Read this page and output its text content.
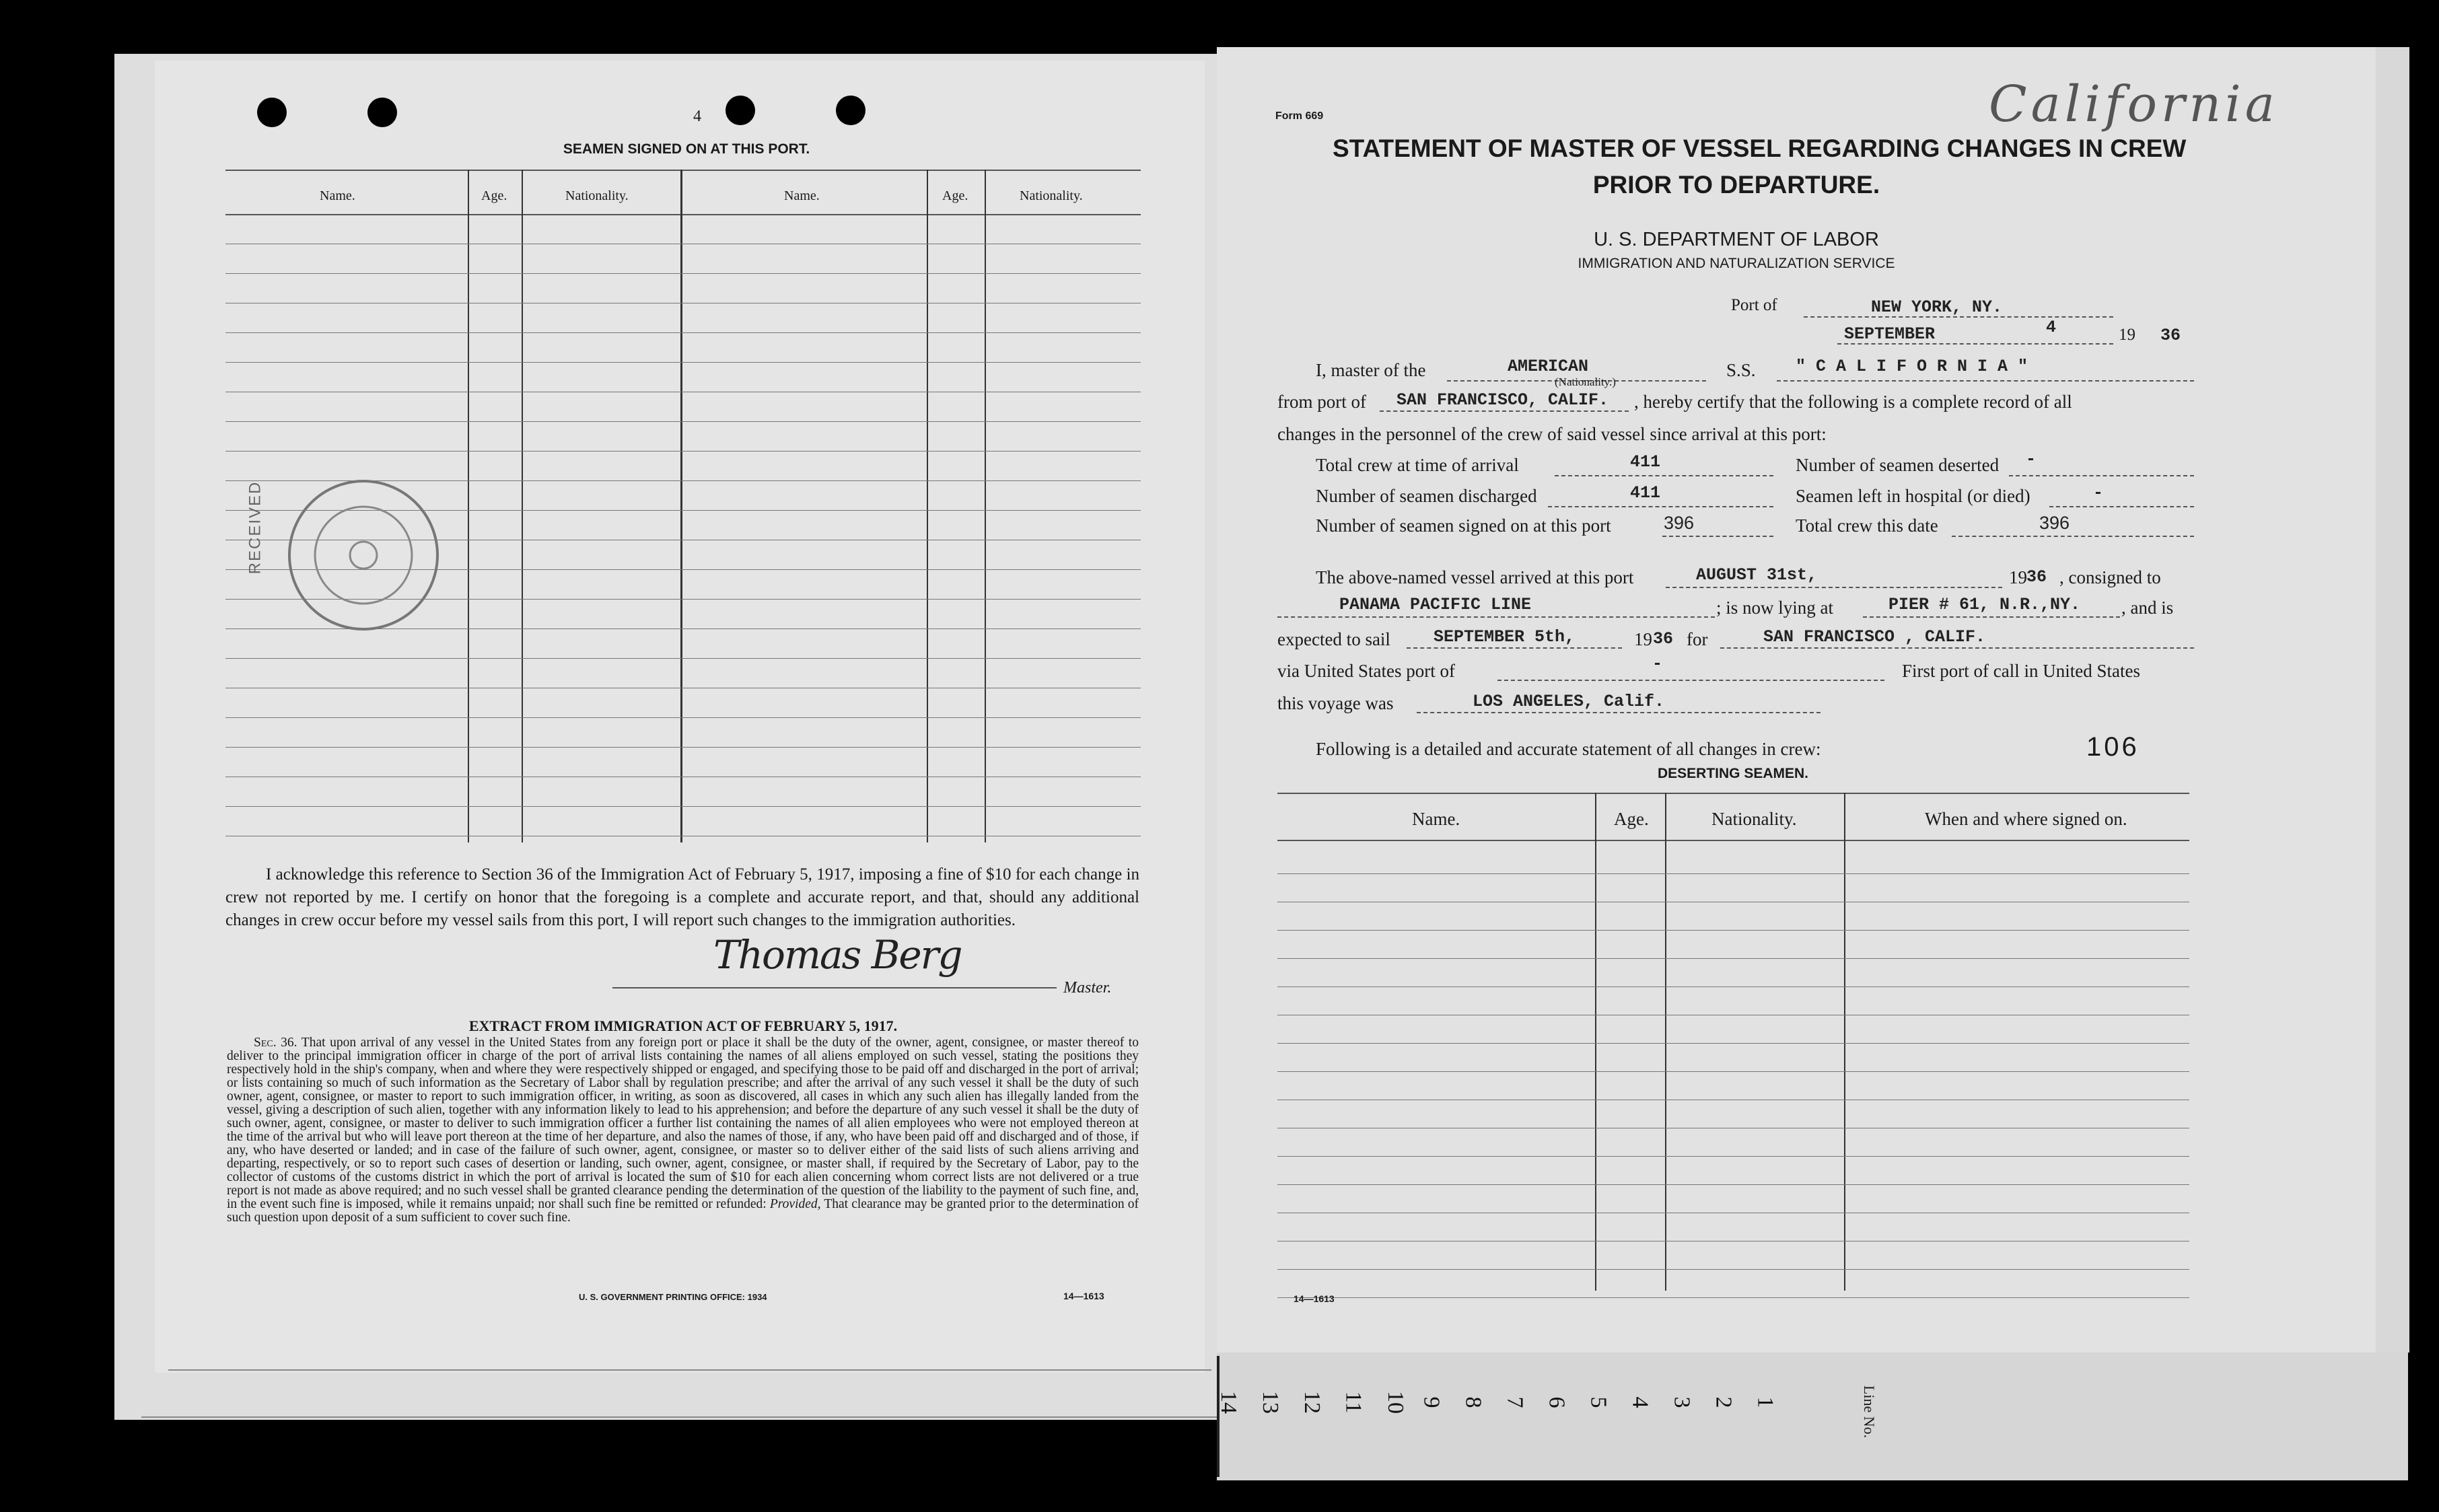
4
SEAMEN SIGNED ON AT THIS PORT.
Name.	Age.	Nationality.	Name.	Age.	Nationality.
RECEIVED
I acknowledge this reference to Section 36 of the Immigration Act of February 5, 1917, imposing a fine of $10 for each change in crew not reported by me. I certify on honor that the foregoing is a complete and accurate report, and that, should any additional changes in crew occur before my vessel sails from this port, I will report such changes to the immigration authorities.
Thomas Berg
Master.
EXTRACT FROM IMMIGRATION ACT OF FEBRUARY 5, 1917.
Sec. 36. That upon arrival of any vessel in the United States from any foreign port or place it shall be the duty of the owner, agent, consignee, or master thereof to deliver to the principal immigration officer in charge of the port of arrival lists containing the names of all aliens employed on such vessel, stating the positions they respectively hold in the ship's company, when and where they were respectively shipped or engaged, and specifying those to be paid off and discharged in the port of arrival; or lists containing so much of such information as the Secretary of Labor shall by regulation prescribe; and after the arrival of any such vessel it shall be the duty of such owner, agent, consignee, or master to report to such immigration officer, in writing, as soon as discovered, all cases in which any such alien has illegally landed from the vessel, giving a description of such alien, together with any information likely to lead to his apprehension; and before the departure of any such vessel it shall be the duty of such owner, agent, consignee, or master to deliver to such immigration officer a further list containing the names of all alien employees who were not employed thereon at the time of the arrival but who will leave port thereon at the time of her departure, and also the names of those, if any, who have been paid off and discharged and of those, if any, who have deserted or landed; and in case of the failure of such owner, agent, consignee, or master so to deliver either of the said lists of such aliens arriving and departing, respectively, or so to report such cases of desertion or landing, such owner, agent, consignee, or master shall, if required by the Secretary of Labor, pay to the collector of customs of the customs district in which the port of arrival is located the sum of $10 for each alien concerning whom correct lists are not delivered or a true report is not made as above required; and no such vessel shall be granted clearance pending the determination of the question of the liability to the payment of such fine, and, in the event such fine is imposed, while it remains unpaid; nor shall such fine be remitted or refunded: Provided, That clearance may be granted prior to the determination of such question upon deposit of a sum sufficient to cover such fine.
U. S. GOVERNMENT PRINTING OFFICE: 1934	14—1613
California
Form 669
STATEMENT OF MASTER OF VESSEL REGARDING CHANGES IN CREW
PRIOR TO DEPARTURE.
U. S. DEPARTMENT OF LABOR
IMMIGRATION AND NATURALIZATION SERVICE
Port of	NEW YORK, NY.
SEPTEMBER	4	19 36
I, master of the	AMERICAN
(Nationality.)
S.S. " C A L I F O R N I A "
from port of SAN FRANCISCO, CALIF. , hereby certify that the following is a complete record of all
changes in the personnel of the crew of said vessel since arrival at this port:
Total crew at time of arrival	411	Number of seamen deserted -
Number of seamen discharged	411	Seamen left in hospital (or died)	-
Number of seamen signed on at this port	396	Total crew this date	396
The above-named vessel arrived at this port	AUGUST 31st,	19 36 , consigned to
PANAMA PACIFIC LINE	; is now lying at	PIER # 61, N.R.,NY. , and is
expected to sail	SEPTEMBER 5th,	19 36 for	SAN FRANCISCO , CALIF.
via United States port of	-	First port of call in United States
this voyage was	LOS ANGELES, Calif.
Following is a detailed and accurate statement of all changes in crew:	106
DESERTING SEAMEN.
Name.	Age.	Nationality.	When and where signed on.
14—1613
14 13 12 11 10 9 8 7 6 5 4 3 2 1	Line No.
